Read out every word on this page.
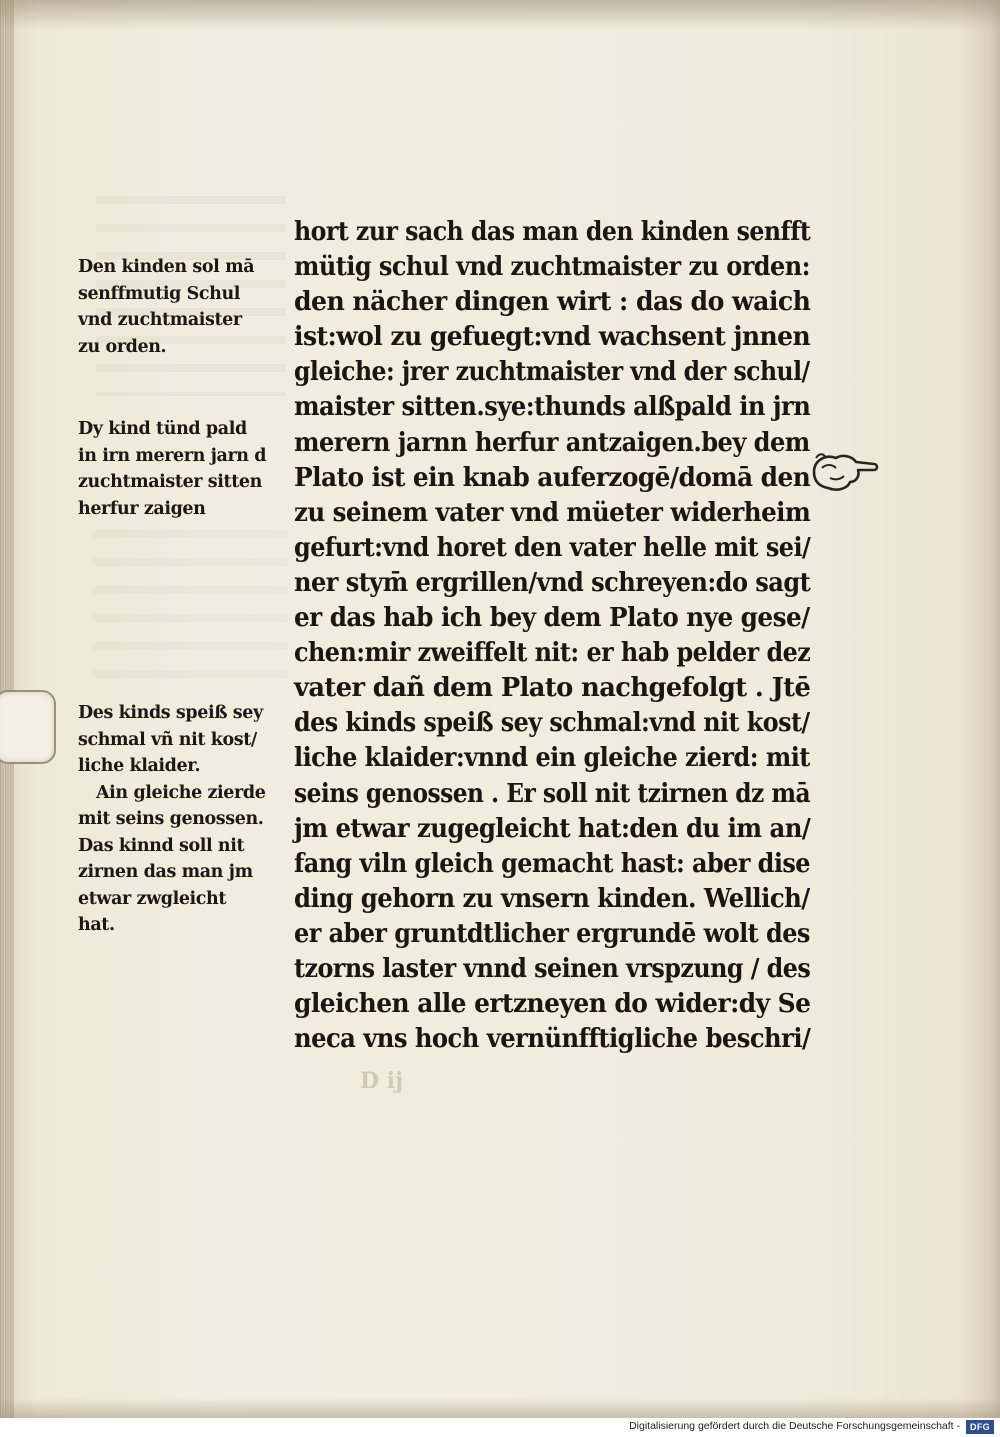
Den kinden sol mā
senffmutig Schul
vnd zuchtmaister
zu orden.
Dy kind tünd pald
in irn merern jarn d
zuchtmaister sitten
herfur zaigen
Des kinds speiß sey
schmal vñ nit kost/
liche klaider.
Ain gleiche zierde
mit seins genossen.
Das kinnd soll nit
zirnen das man jm
etwar zwgleicht
hat.
hort zur sach das man den kinden senfft
mütig schul vnd zuchtmaister zu orden:
den nächer dingen wirt : das do waich
ist:wol zu gefuegt:vnd wachsent jnnen
gleiche: jrer zuchtmaister vnd der schul/
maister sitten.sye:thunds alßpald in jrn
merern jarnn herfur antzaigen.bey dem
Plato ist ein knab auferzogē/domā den
zu seinem vater vnd müeter widerheim
gefurt:vnd horet den vater helle mit sei/
ner stym̄ ergrillen/vnd schreyen:do sagt
er das hab ich bey dem Plato nye gese/
chen:mir zweiffelt nit: er hab pelder dez
vater dañ dem Plato nachgefolgt . Jtē
des kinds speiß sey schmal:vnd nit kost/
liche klaider:vnnd ein gleiche zierd: mit
seins genossen . Er soll nit tzirnen dz mā
jm etwar zugegleicht hat:den du im an/
fang viln gleich gemacht hast: aber dise
ding gehorn zu vnsern kinden. Wellich/
er aber gruntdtlicher ergrundē wolt des
tzorns laster vnnd seinen vrspzung / des
gleichen alle ertzneyen do wider:dy Se
neca vns hoch vernünfftigliche beschri/
D ij
Digitalisierung gefördert durch die Deutsche Forschungsgemeinschaft -	DFG
